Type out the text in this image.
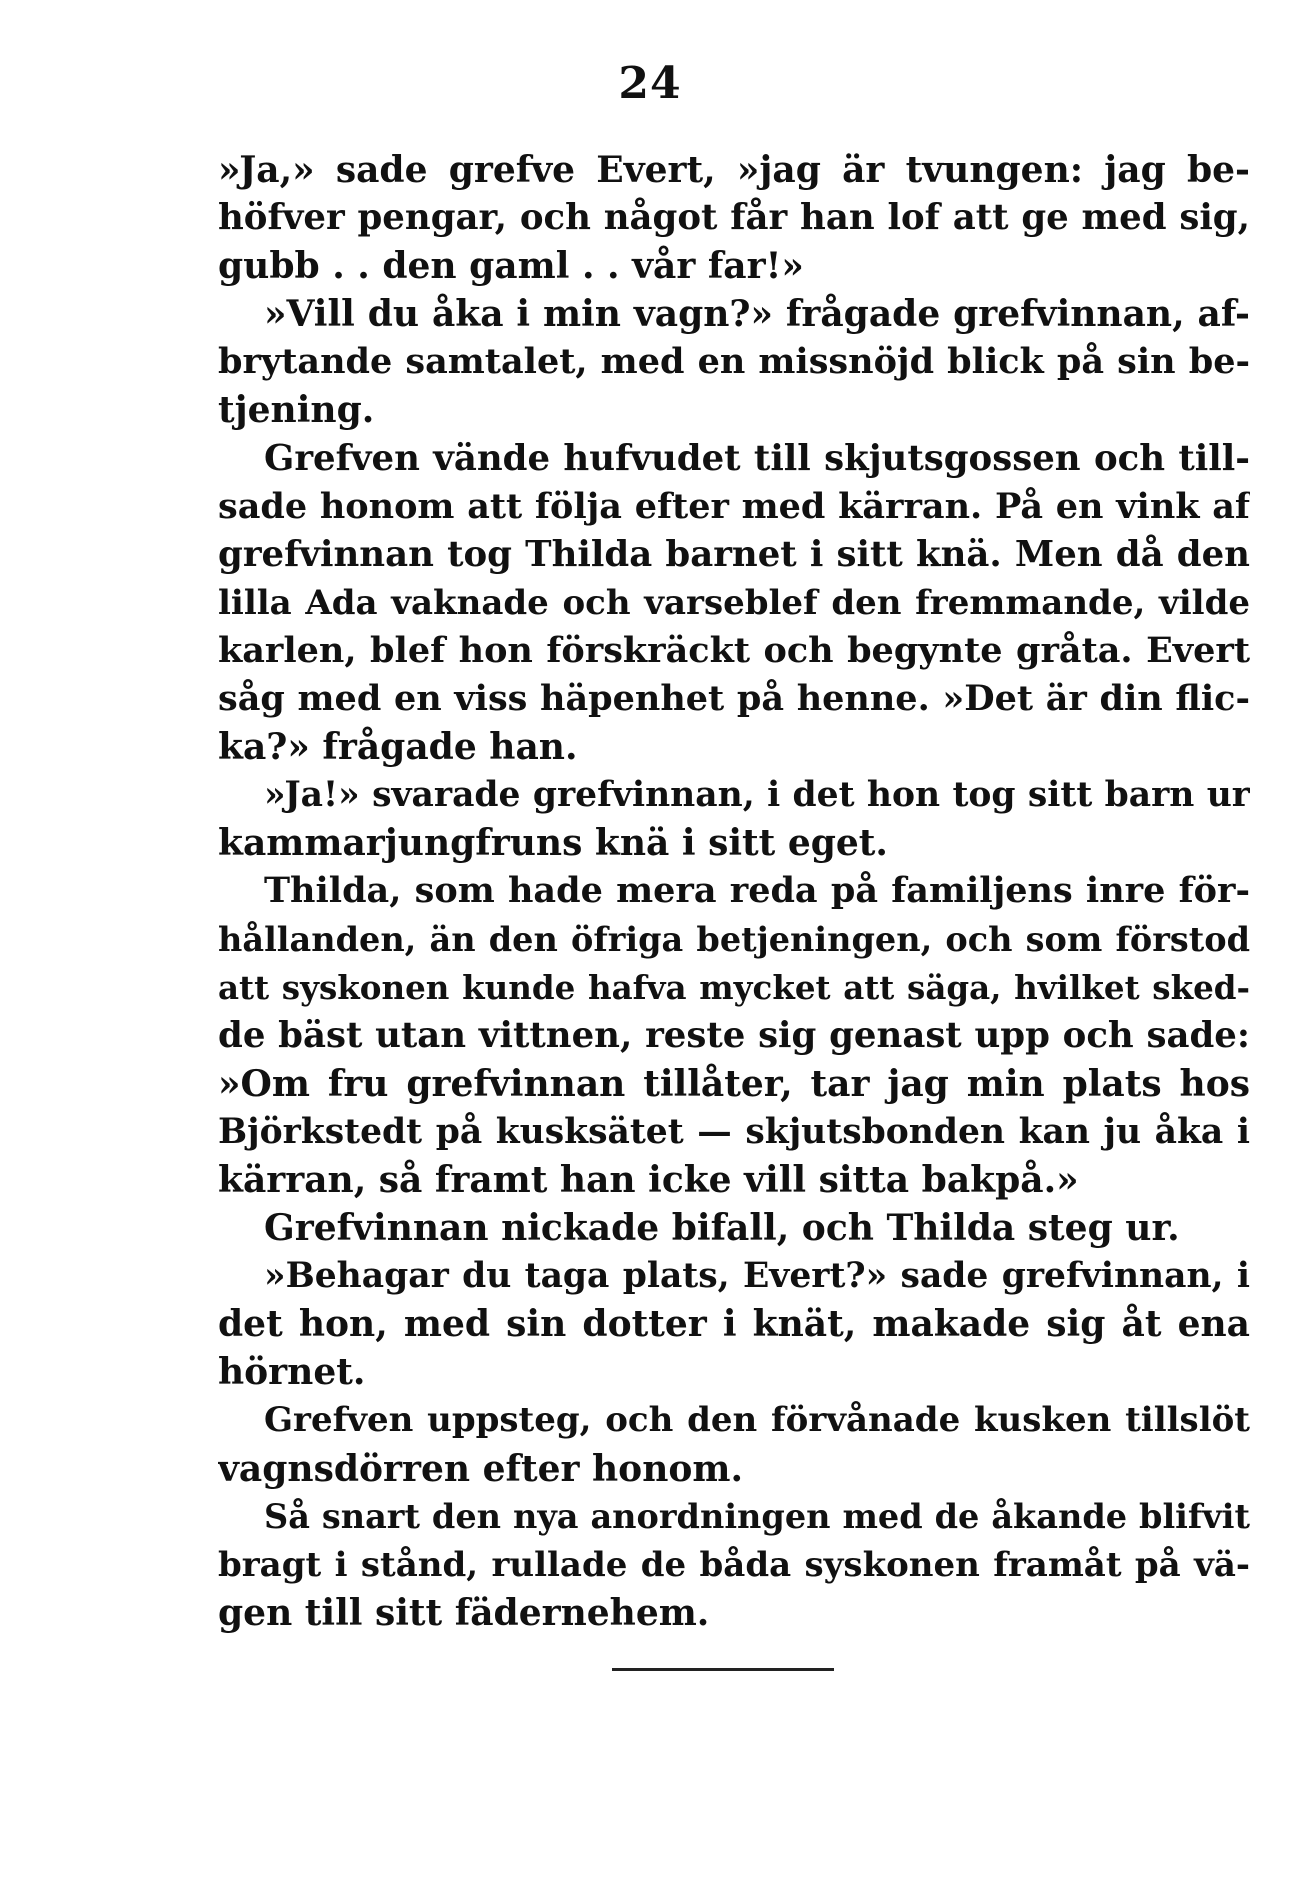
24
»Ja,» sade grefve Evert, »jag är tvungen: jag be-
höfver pengar, och något får han lof att ge med sig,
gubb . . den gaml . . vår far!»
»Vill du åka i min vagn?» frågade grefvinnan, af-
brytande samtalet, med en missnöjd blick på sin be-
tjening.
Grefven vände hufvudet till skjutsgossen och till-
sade honom att följa efter med kärran. På en vink af
grefvinnan tog Thilda barnet i sitt knä. Men då den
lilla Ada vaknade och varseblef den fremmande, vilde
karlen, blef hon förskräckt och begynte gråta. Evert
såg med en viss häpenhet på henne. »Det är din flic-
ka?» frågade han.
»Ja!» svarade grefvinnan, i det hon tog sitt barn ur
kammarjungfruns knä i sitt eget.
Thilda, som hade mera reda på familjens inre för-
hållanden, än den öfriga betjeningen, och som förstod
att syskonen kunde hafva mycket att säga, hvilket sked-
de bäst utan vittnen, reste sig genast upp och sade:
»Om fru grefvinnan tillåter, tar jag min plats hos
Björkstedt på kusksätet — skjutsbonden kan ju åka i
kärran, så framt han icke vill sitta bakpå.»
Grefvinnan nickade bifall, och Thilda steg ur.
»Behagar du taga plats, Evert?» sade grefvinnan, i
det hon, med sin dotter i knät, makade sig åt ena
hörnet.
Grefven uppsteg, och den förvånade kusken tillslöt
vagnsdörren efter honom.
Så snart den nya anordningen med de åkande blifvit
bragt i stånd, rullade de båda syskonen framåt på vä-
gen till sitt fädernehem.
